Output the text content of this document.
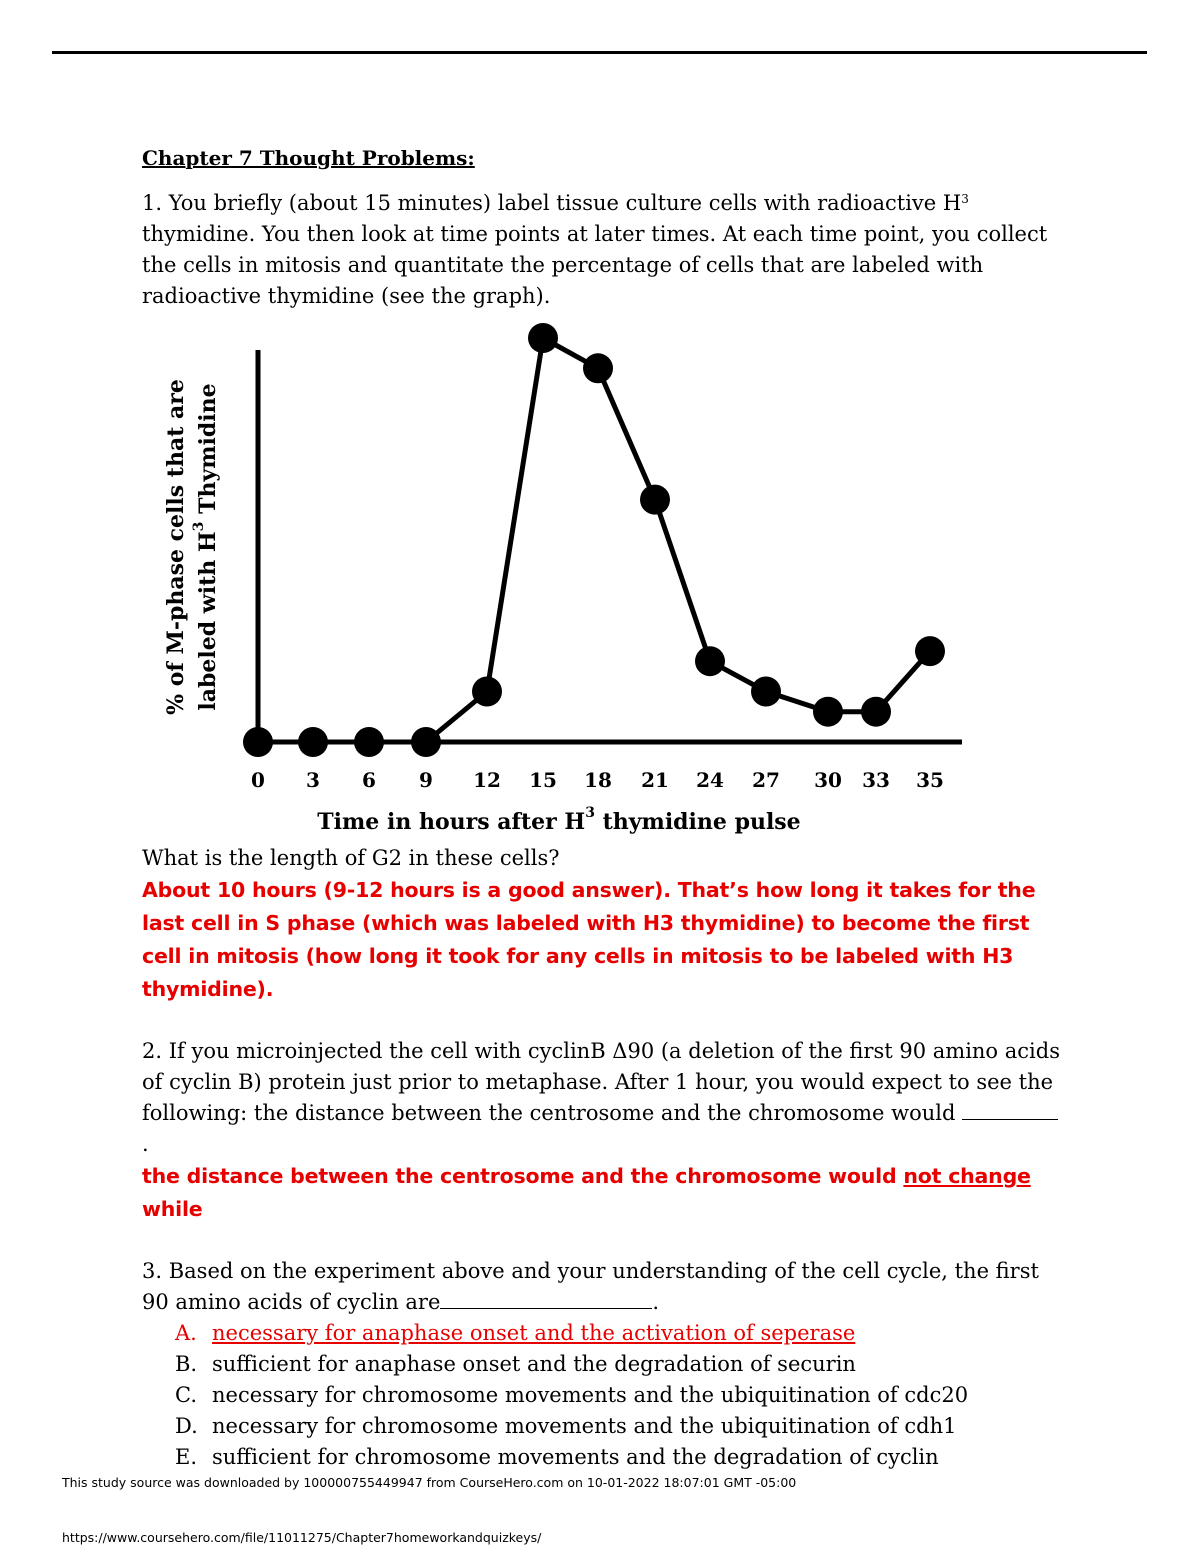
0 3 6 9 12 15 18 21 24 27 30 33 35
Time in hours after $H^3$ thymidine pulse
% of M-phase cells that are labeled with $H^3$ Thymidine

Chapter 7 Thought Problems:

1. You briefly (about 15 minutes) label tissue culture cells with radioactive $H^3$ thymidine. You then look at time points at later times. At each time point, you collect the cells in mitosis and quantitate the percentage of cells that are labeled with radioactive thymidine (see the graph).

What is the length of G2 in these cells?

About 10 hours (9-12 hours is a good answer). That’s how long it takes for the last cell in S phase (which was labeled with H3 thymidine) to become the first cell in mitosis (how long it took for any cells in mitosis to be labeled with H3 thymidine).

2. If you microinjected the cell with cyclinB Δ90 (a deletion of the first 90 amino acids of cyclin B) protein just prior to metaphase. After 1 hour, you would expect to see the following: the distance between the centrosome and the chromosome would .

the distance between the centrosome and the chromosome would not change while

3. Based on the experiment above and your understanding of the cell cycle, the first 90 amino acids of cyclin are	.

A. necessary for anaphase onset and the activation of seperase
B. sufficient for anaphase onset and the degradation of securin
C. necessary for chromosome movements and the ubiquitination of cdc20
D. necessary for chromosome movements and the ubiquitination of cdh1
E. sufficient for chromosome movements and the degradation of cyclin
This study source was downloaded by 100000755449947 from CourseHero.com on 10-01-2022 18:07:01 GMT -05:00
https://www.coursehero.com/file/11011275/Chapter7homeworkandquizkeys/
